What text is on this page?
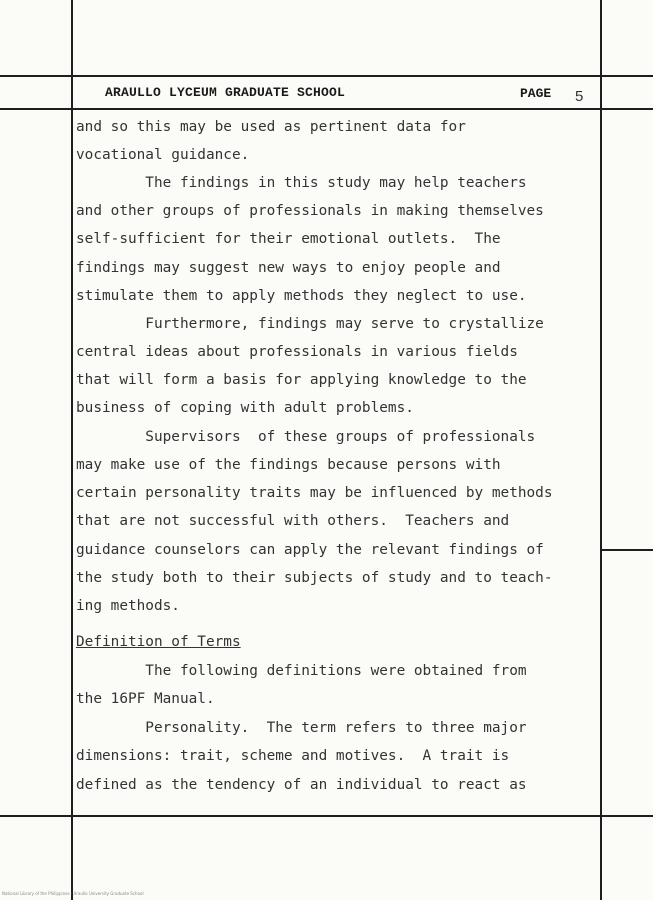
ARAULLO LYCEUM GRADUATE SCHOOL	PAGE 5
and so this may be used as pertinent data for
vocational guidance.
The findings in this study may help teachers
and other groups of professionals in making themselves
self-sufficient for their emotional outlets.  The
findings may suggest new ways to enjoy people and
stimulate them to apply methods they neglect to use.
Furthermore, findings may serve to crystallize
central ideas about professionals in various fields
that will form a basis for applying knowledge to the
business of coping with adult problems.
Supervisors  of these groups of professionals
may make use of the findings because persons with
certain personality traits may be influenced by methods
that are not successful with others.  Teachers and
guidance counselors can apply the relevant findings of
the study both to their subjects of study and to teach-
ing methods.
Definition of Terms
The following definitions were obtained from
the 16PF Manual.
Personality.  The term refers to three major
dimensions: trait, scheme and motives.  A trait is
defined as the tendency of an individual to react as
National Library of the Philippines · Araullo University Graduate School
